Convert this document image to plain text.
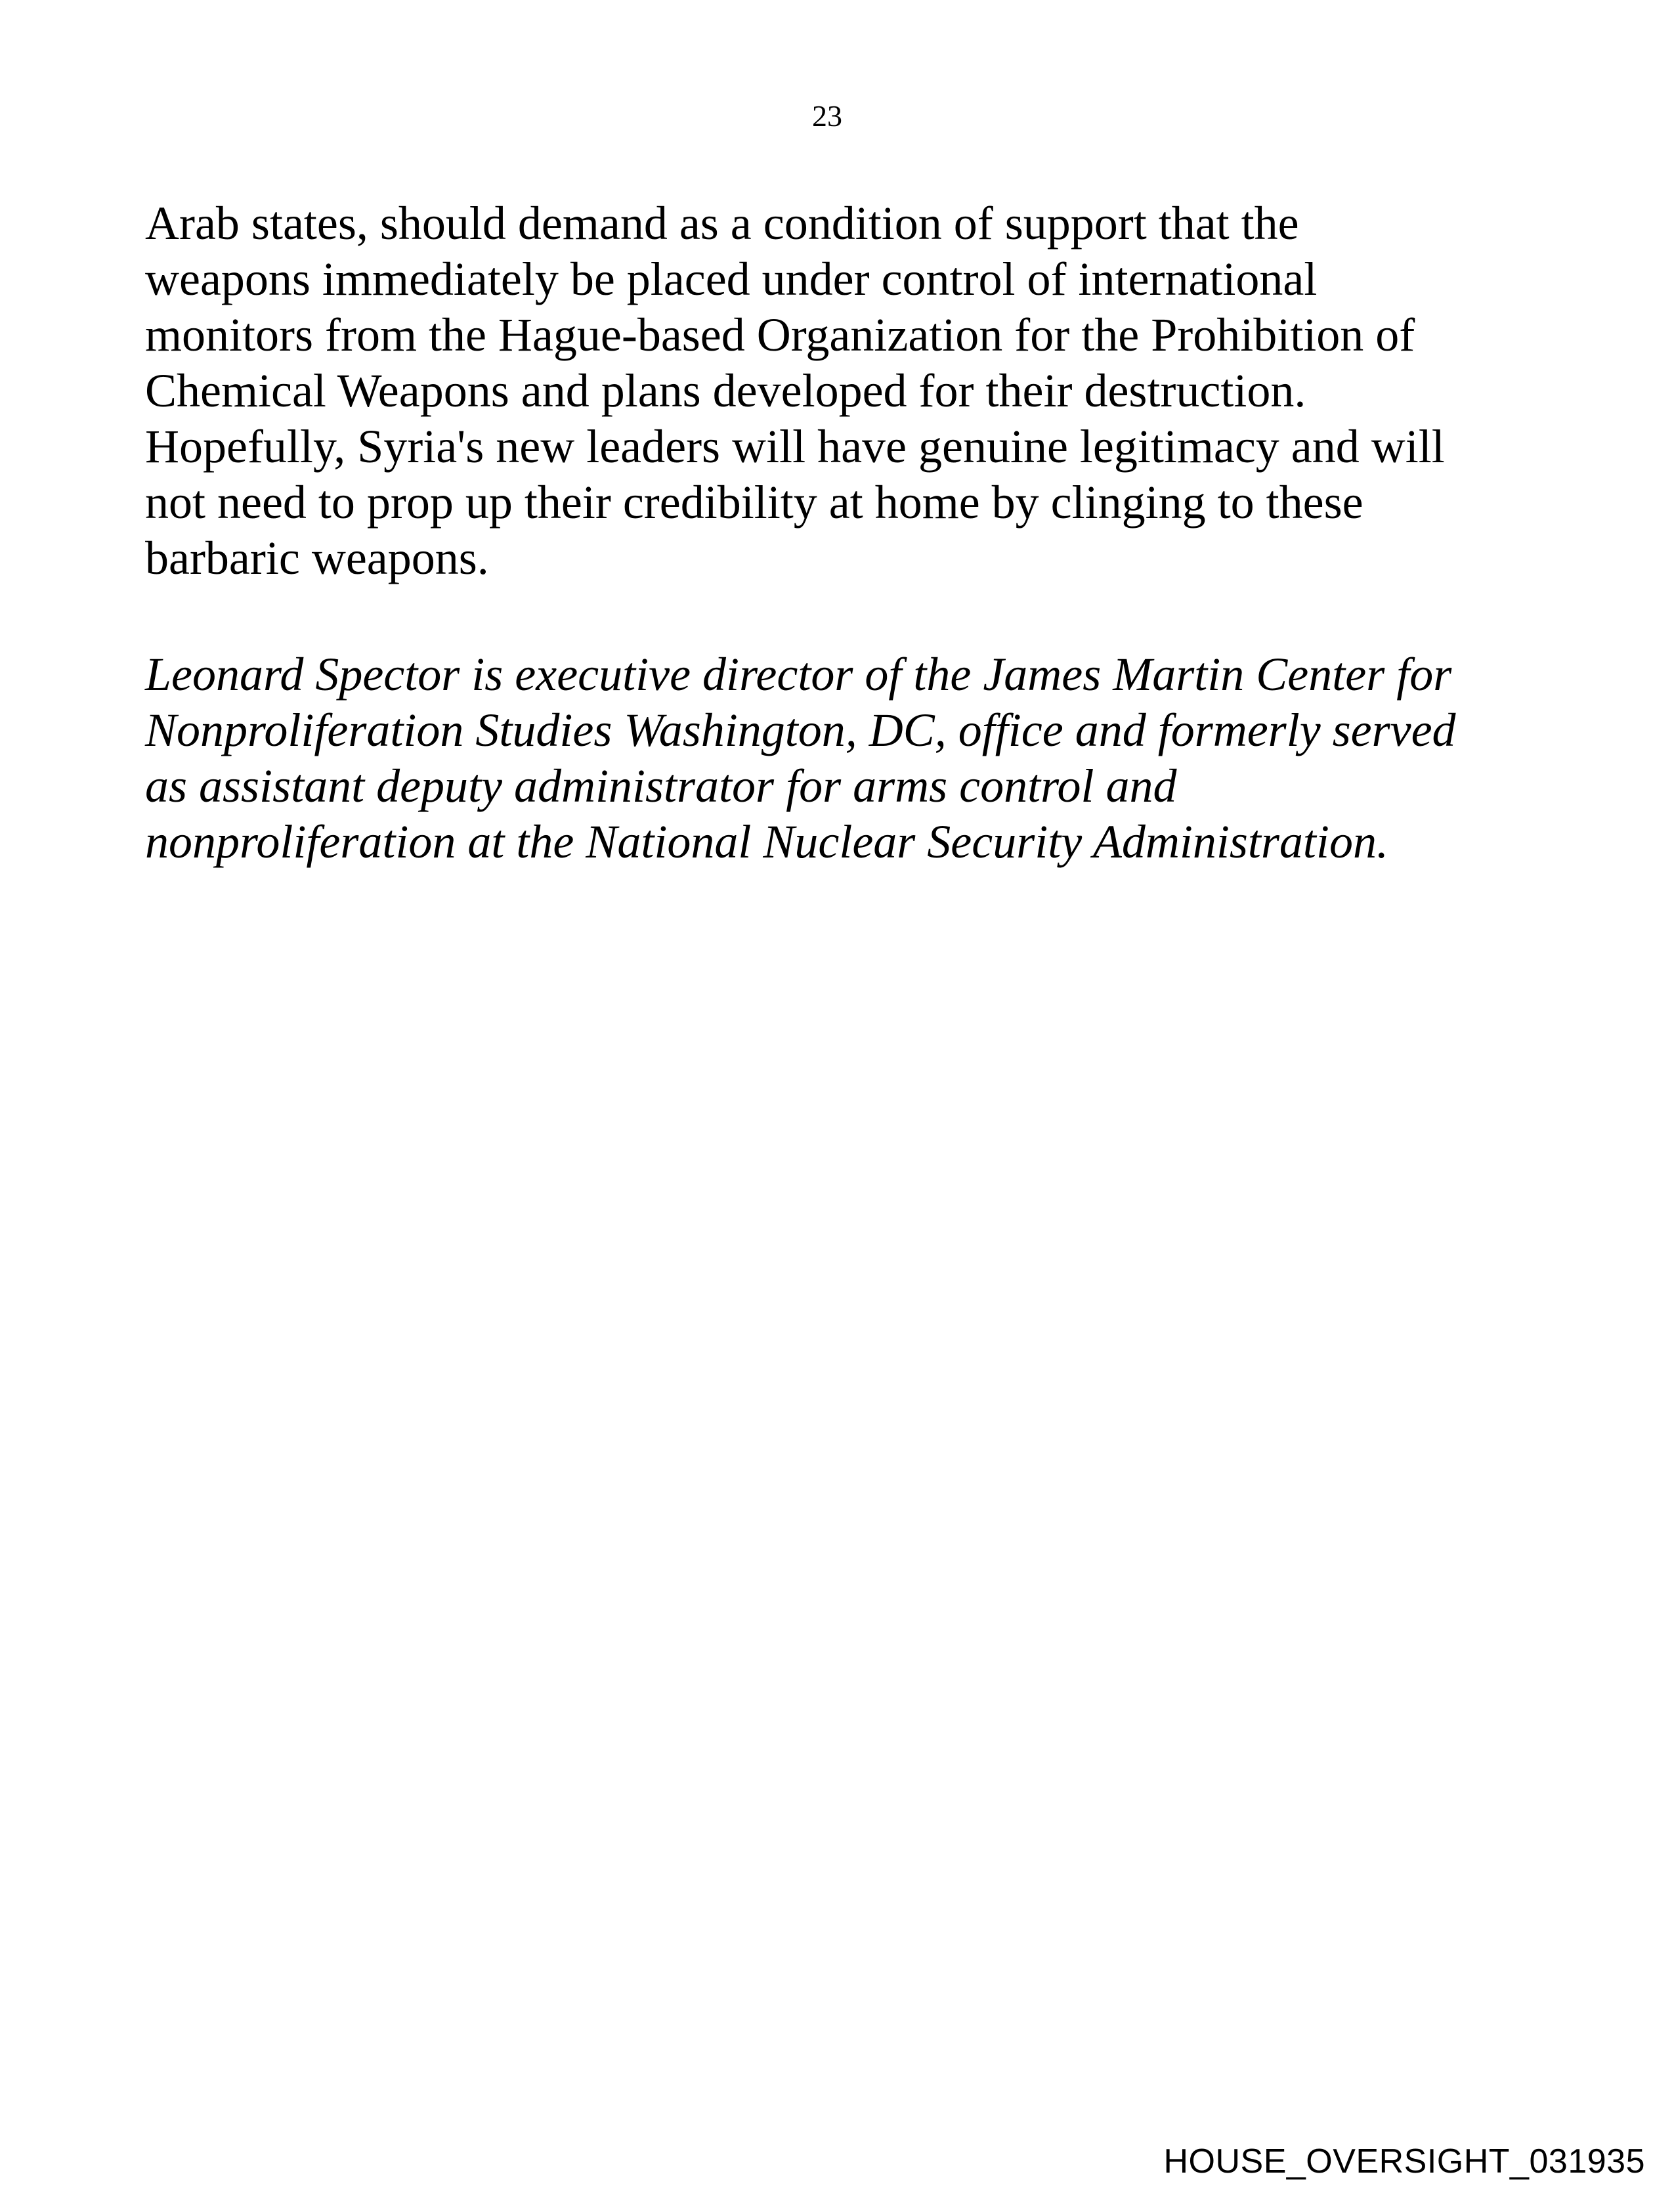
23
Arab states, should demand as a condition of support that the
weapons immediately be placed under control of international
monitors from the Hague-based Organization for the Prohibition of
Chemical Weapons and plans developed for their destruction.
Hopefully, Syria's new leaders will have genuine legitimacy and will
not need to prop up their credibility at home by clinging to these
barbaric weapons.
Leonard Spector is executive director of the James Martin Center for
Nonproliferation Studies Washington, DC, office and formerly served
as assistant deputy administrator for arms control and
nonproliferation at the National Nuclear Security Administration.
HOUSE_OVERSIGHT_031935
